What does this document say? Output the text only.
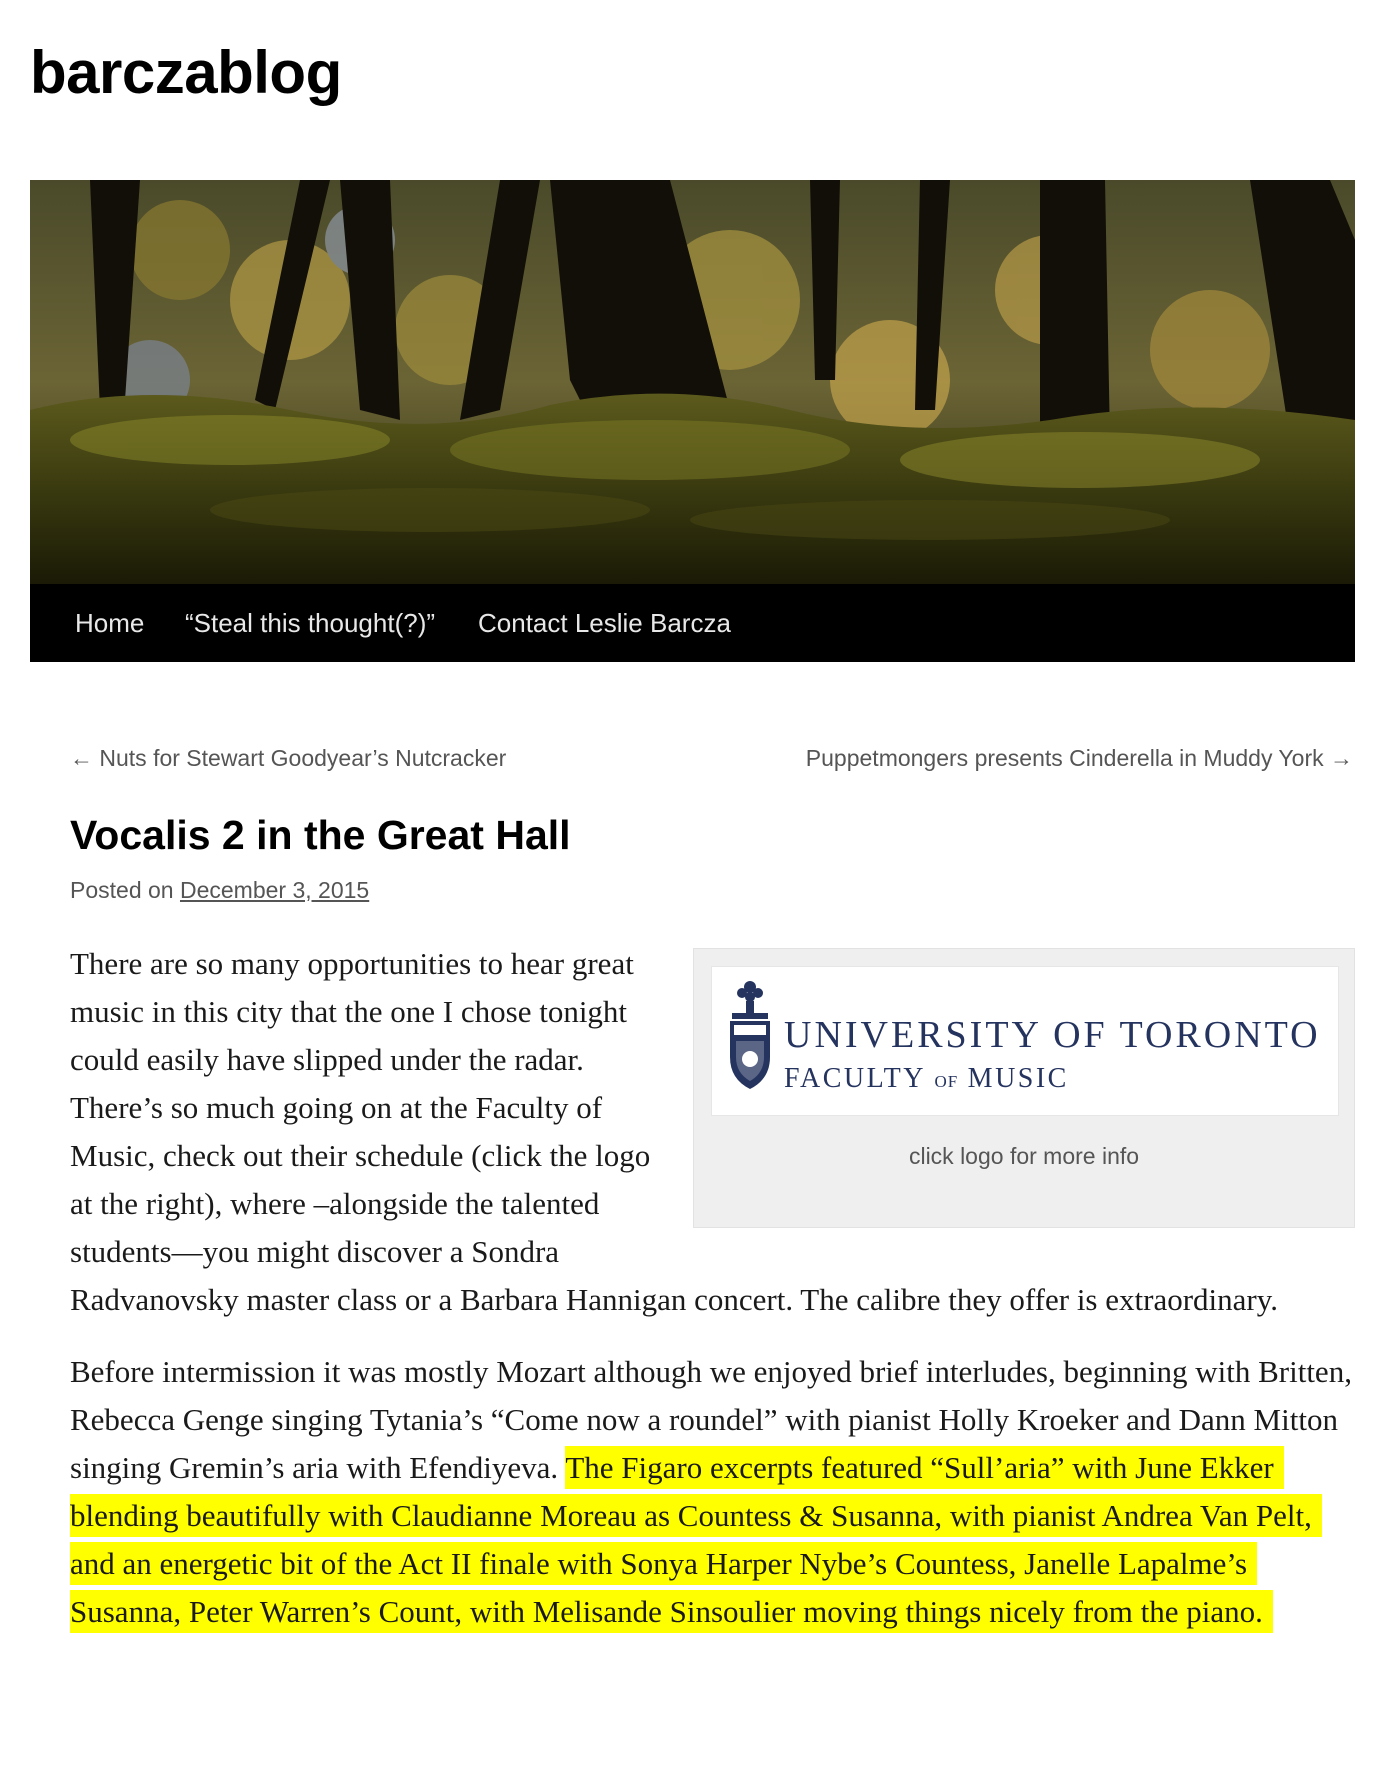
barczablog
Home “Steal this thought(?)” Contact Leslie Barcza
← Nuts for Stewart Goodyear’s Nutcracker	Puppetmongers presents Cinderella in Muddy York →
Vocalis 2 in the Great Hall
Posted on December 3, 2015
UNIVERSITY OF TORONTO
FACULTY OF MUSIC
click logo for more info

There are so many opportunities to hear great music in this city that the one I chose tonight could easily have slipped under the radar. There’s so much going on at the Faculty of Music, check out their schedule (click the logo at the right), where –alongside the talented students—you might discover a Sondra Radvanovsky master class or a Barbara Hannigan concert. The calibre they offer is extraordinary.

Before intermission it was mostly Mozart although we enjoyed brief interludes, beginning with Britten, Rebecca Genge singing Tytania’s “Come now a roundel” with pianist Holly Kroeker and Dann Mitton singing Gremin’s aria with Efendiyeva. The Figaro excerpts featured “Sull’aria” with June Ekker blending beautifully with Claudianne Moreau as Countess & Susanna, with pianist Andrea Van Pelt, and an energetic bit of the Act II finale with Sonya Harper Nybe’s Countess, Janelle Lapalme’s Susanna, Peter Warren’s Count, with Melisande Sinsoulier moving things nicely from the piano.
